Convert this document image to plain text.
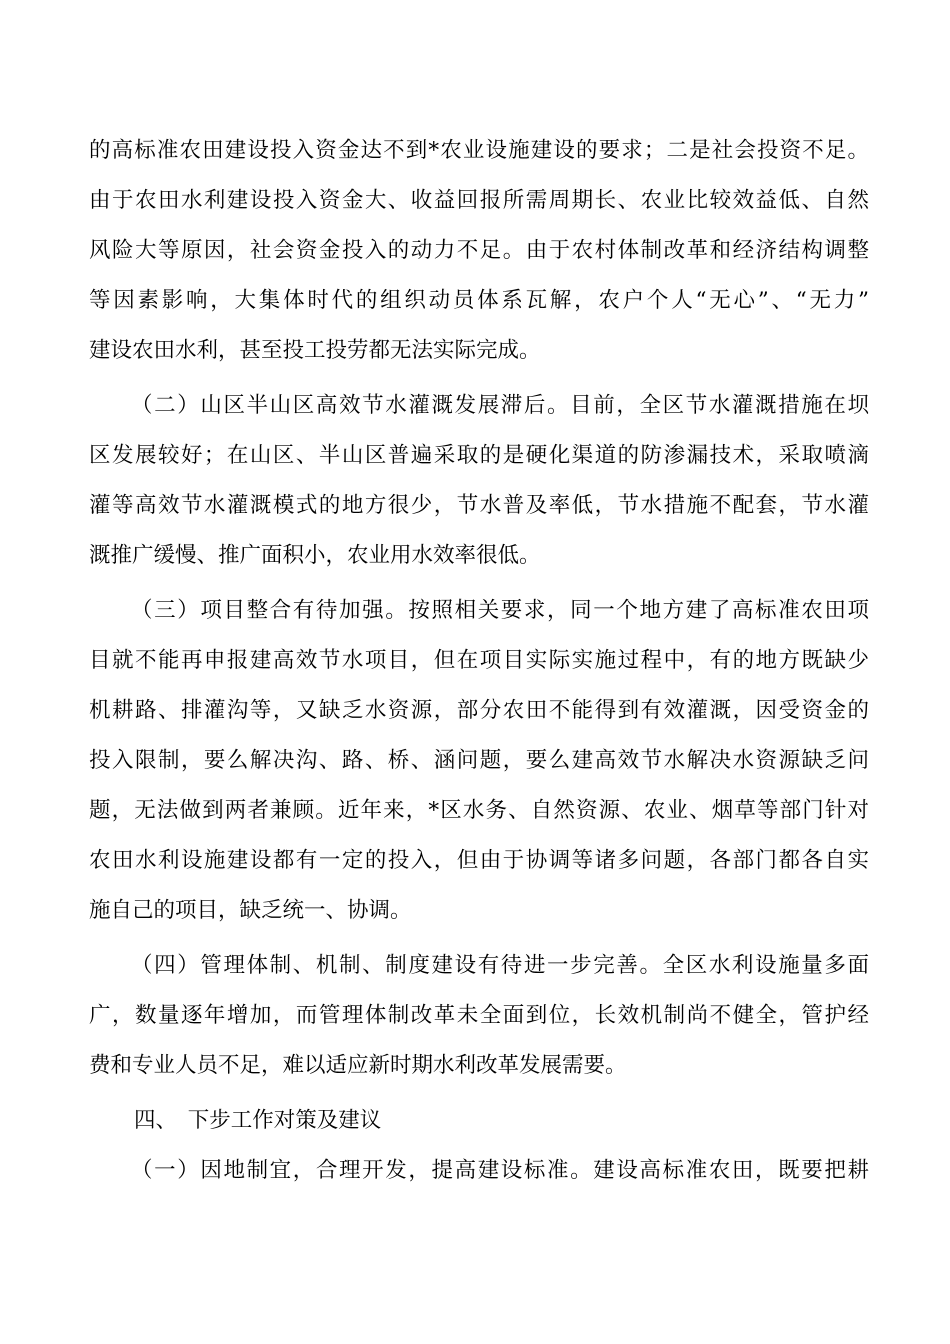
的高标准农田建设投入资金达不到*农业设施建设的要求；二是社会投资不足。
由于农田水利建设投入资金大、收益回报所需周期长、农业比较效益低、自然
风险大等原因，社会资金投入的动力不足。由于农村体制改革和经济结构调整
等因素影响，大集体时代的组织动员体系瓦解，农户个人“无心”、“无力”
建设农田水利，甚至投工投劳都无法实际完成。
（二）山区半山区高效节水灌溉发展滞后。目前，全区节水灌溉措施在坝
区发展较好；在山区、半山区普遍采取的是硬化渠道的防渗漏技术，采取喷滴
灌等高效节水灌溉模式的地方很少，节水普及率低，节水措施不配套，节水灌
溉推广缓慢、推广面积小，农业用水效率很低。
（三）项目整合有待加强。按照相关要求，同一个地方建了高标准农田项
目就不能再申报建高效节水项目，但在项目实际实施过程中，有的地方既缺少
机耕路、排灌沟等，又缺乏水资源，部分农田不能得到有效灌溉，因受资金的
投入限制，要么解决沟、路、桥、涵问题，要么建高效节水解决水资源缺乏问
题，无法做到两者兼顾。近年来，*区水务、自然资源、农业、烟草等部门针对
农田水利设施建设都有一定的投入，但由于协调等诸多问题，各部门都各自实
施自己的项目，缺乏统一、协调。
（四）管理体制、机制、制度建设有待进一步完善。全区水利设施量多面
广，数量逐年增加，而管理体制改革未全面到位，长效机制尚不健全，管护经
费和专业人员不足，难以适应新时期水利改革发展需要。
四、　下步工作对策及建议
（一）因地制宜，合理开发，提高建设标准。建设高标准农田，既要把耕
